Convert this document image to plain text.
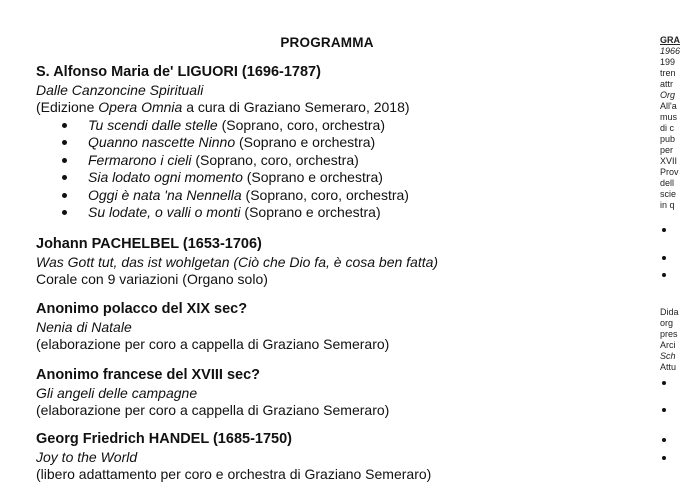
PROGRAMMA
S. Alfonso Maria de' LIGUORI (1696-1787)
Dalle Canzoncine Spirituali
(Edizione Opera Omnia a cura di Graziano Semeraro, 2018)
Tu scendi dalle stelle (Soprano, coro, orchestra)
Quanno nascette Ninno (Soprano e orchestra)
Fermarono i cieli (Soprano, coro, orchestra)
Sia lodato ogni momento (Soprano e orchestra)
Oggi è nata 'na Nennella (Soprano, coro, orchestra)
Su lodate, o valli o monti (Soprano e orchestra)
Johann PACHELBEL (1653-1706)
Was Gott tut, das ist wohlgetan (Ciò che Dio fa, è cosa ben fatta)
Corale con 9 variazioni (Organo solo)
Anonimo polacco del XIX sec?
Nenia di Natale
(elaborazione per coro a cappella di Graziano Semeraro)
Anonimo francese del XVIII sec?
Gli angeli delle campagne
(elaborazione per coro a cappella di Graziano Semeraro)
Georg Friedrich HANDEL (1685-1750)
Joy to the World
(libero adattamento per coro e orchestra di Graziano Semeraro)
GRA
1966
199
tren
attr
Org
All'a
mus
di c
pub
per
XVII
Prov
dell
scie
in q
Dida
org
pres
Arci
Sch
Attu
